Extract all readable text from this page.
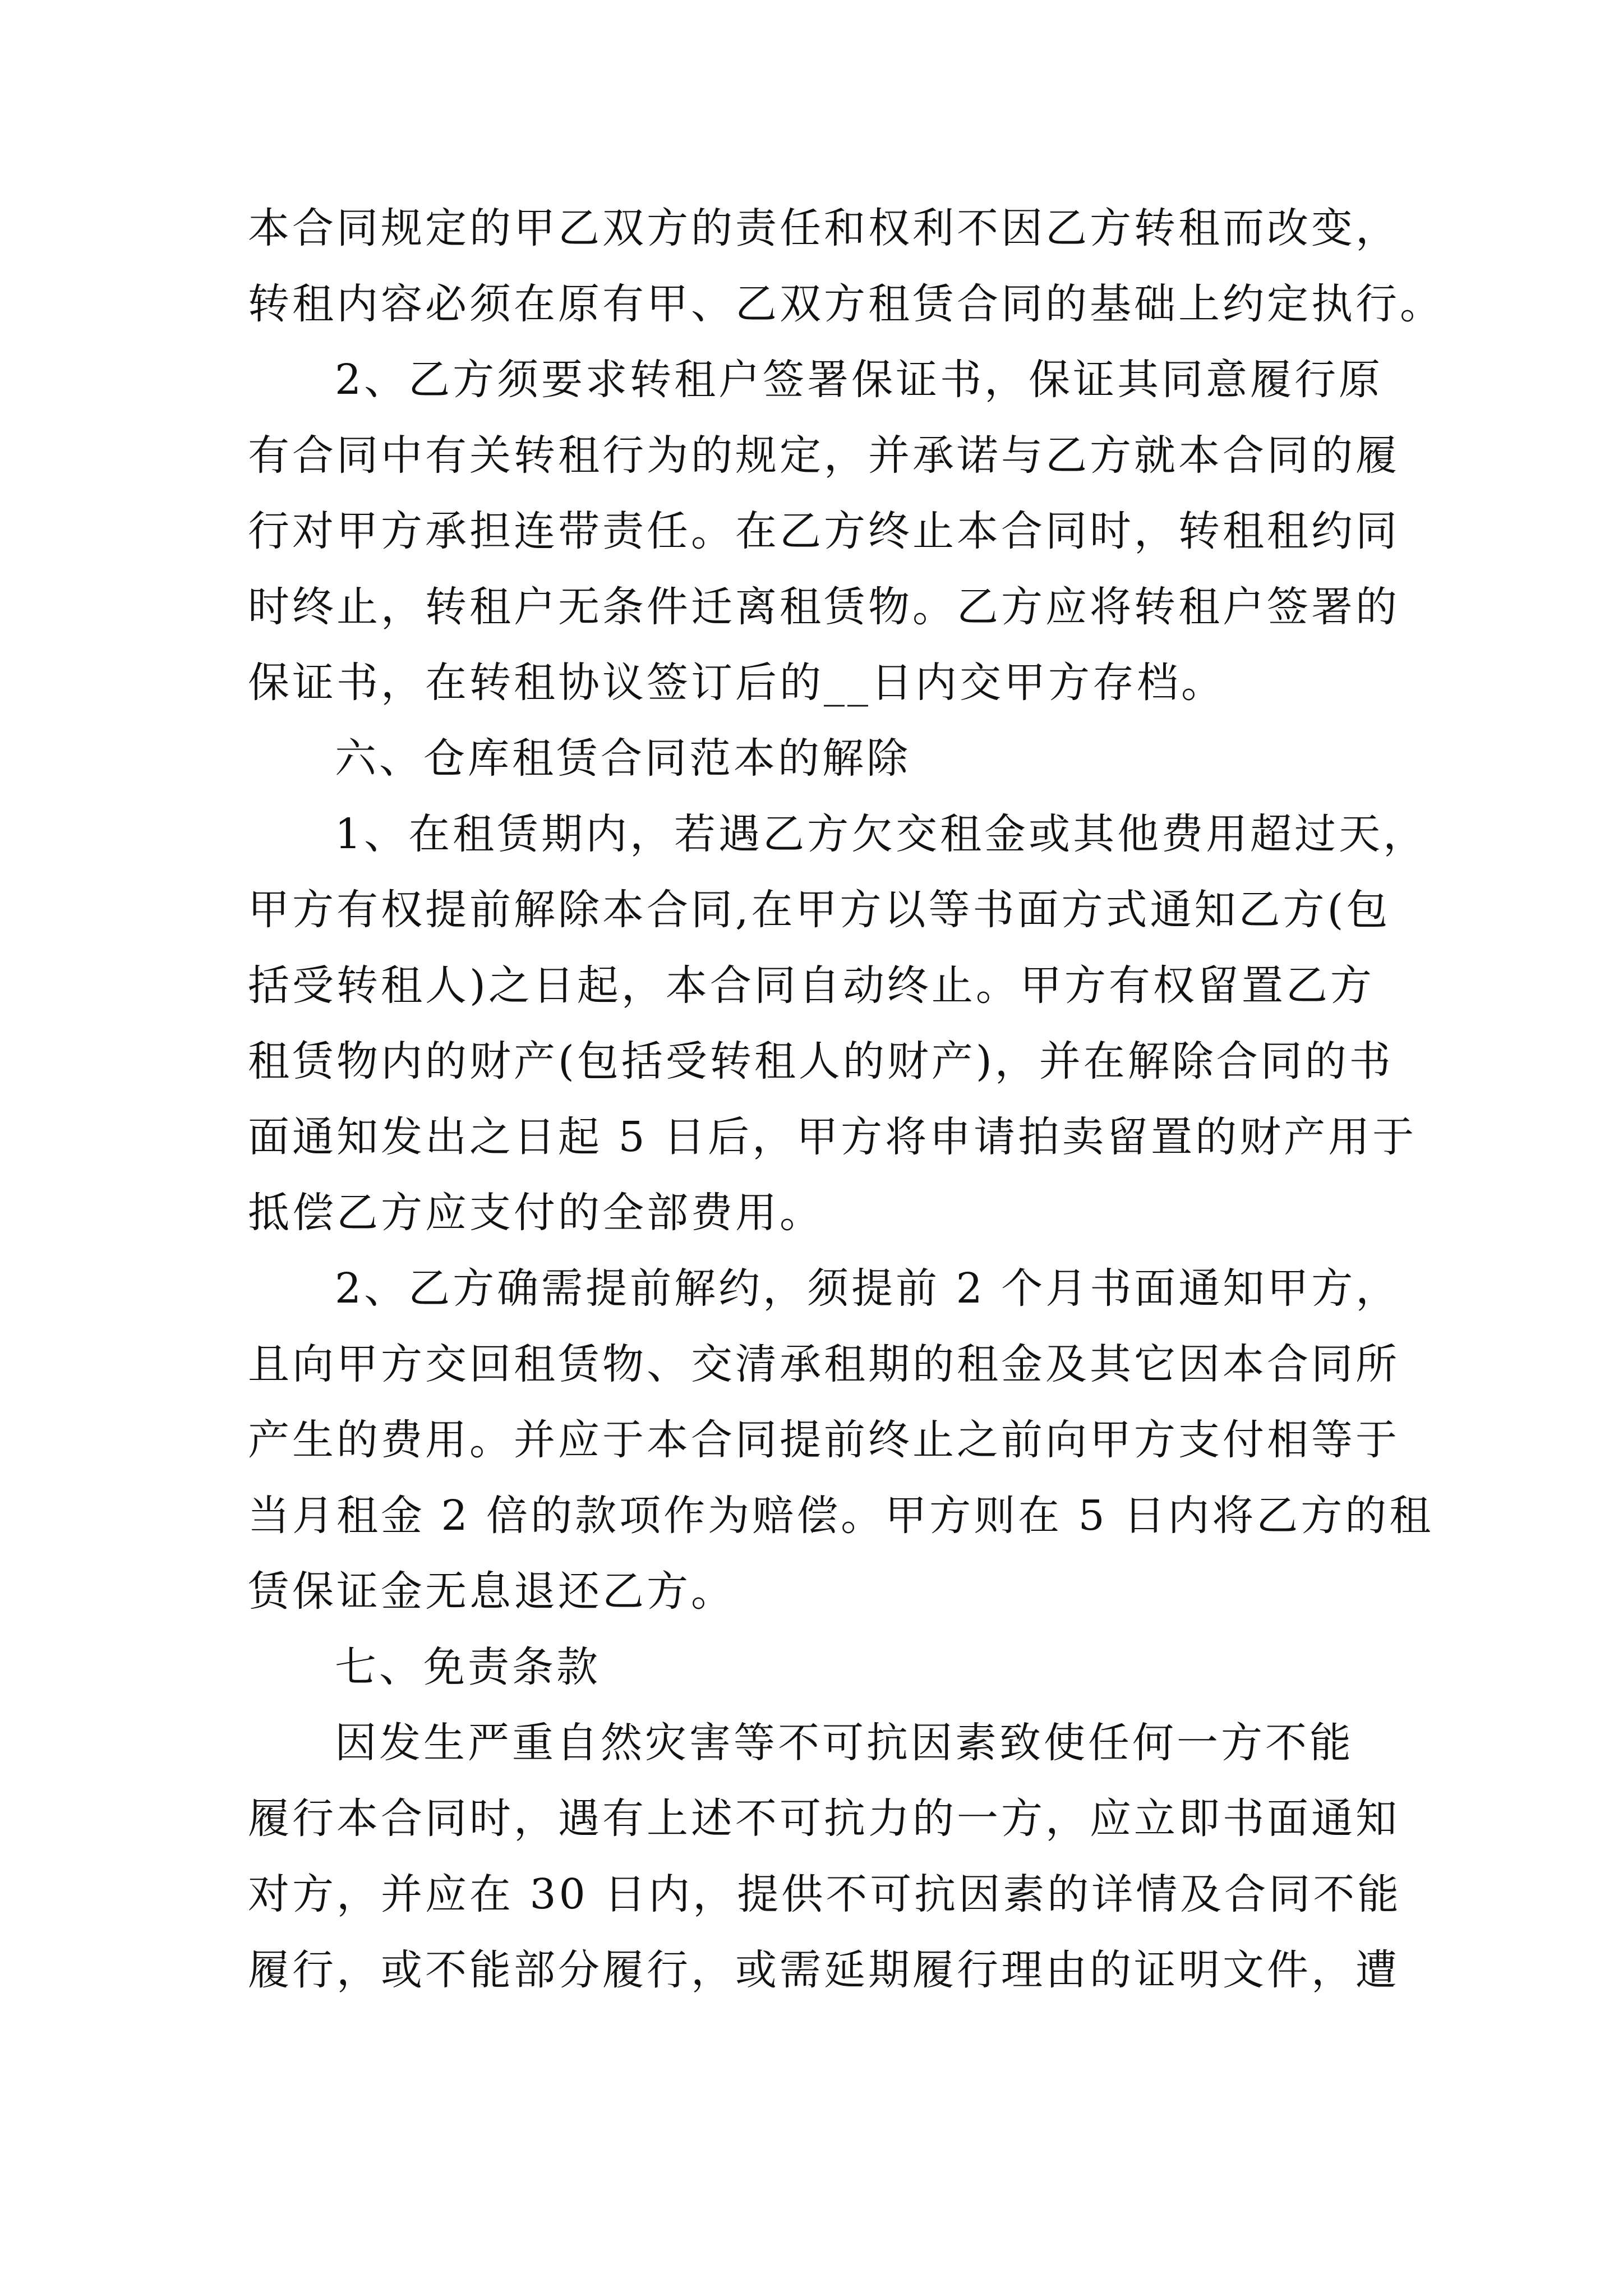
本合同规定的甲乙双方的责任和权利不因乙方转租而改变，
转租内容必须在原有甲、乙双方租赁合同的基础上约定执行。
2、乙方须要求转租户签署保证书，保证其同意履行原
有合同中有关转租行为的规定，并承诺与乙方就本合同的履
行对甲方承担连带责任。在乙方终止本合同时，转租租约同
时终止，转租户无条件迁离租赁物。乙方应将转租户签署的
保证书，在转租协议签订后的__日内交甲方存档。
六、仓库租赁合同范本的解除
1、在租赁期内，若遇乙方欠交租金或其他费用超过天，
甲方有权提前解除本合同,在甲方以等书面方式通知乙方(包
括受转租人)之日起，本合同自动终止。甲方有权留置乙方
租赁物内的财产(包括受转租人的财产)，并在解除合同的书
面通知发出之日起 5 日后，甲方将申请拍卖留置的财产用于
抵偿乙方应支付的全部费用。
2、乙方确需提前解约，须提前 2 个月书面通知甲方，
且向甲方交回租赁物、交清承租期的租金及其它因本合同所
产生的费用。并应于本合同提前终止之前向甲方支付相等于
当月租金 2 倍的款项作为赔偿。甲方则在 5 日内将乙方的租
赁保证金无息退还乙方。
七、免责条款
因发生严重自然灾害等不可抗因素致使任何一方不能
履行本合同时，遇有上述不可抗力的一方，应立即书面通知
对方，并应在 30 日内，提供不可抗因素的详情及合同不能
履行，或不能部分履行，或需延期履行理由的证明文件，遭
